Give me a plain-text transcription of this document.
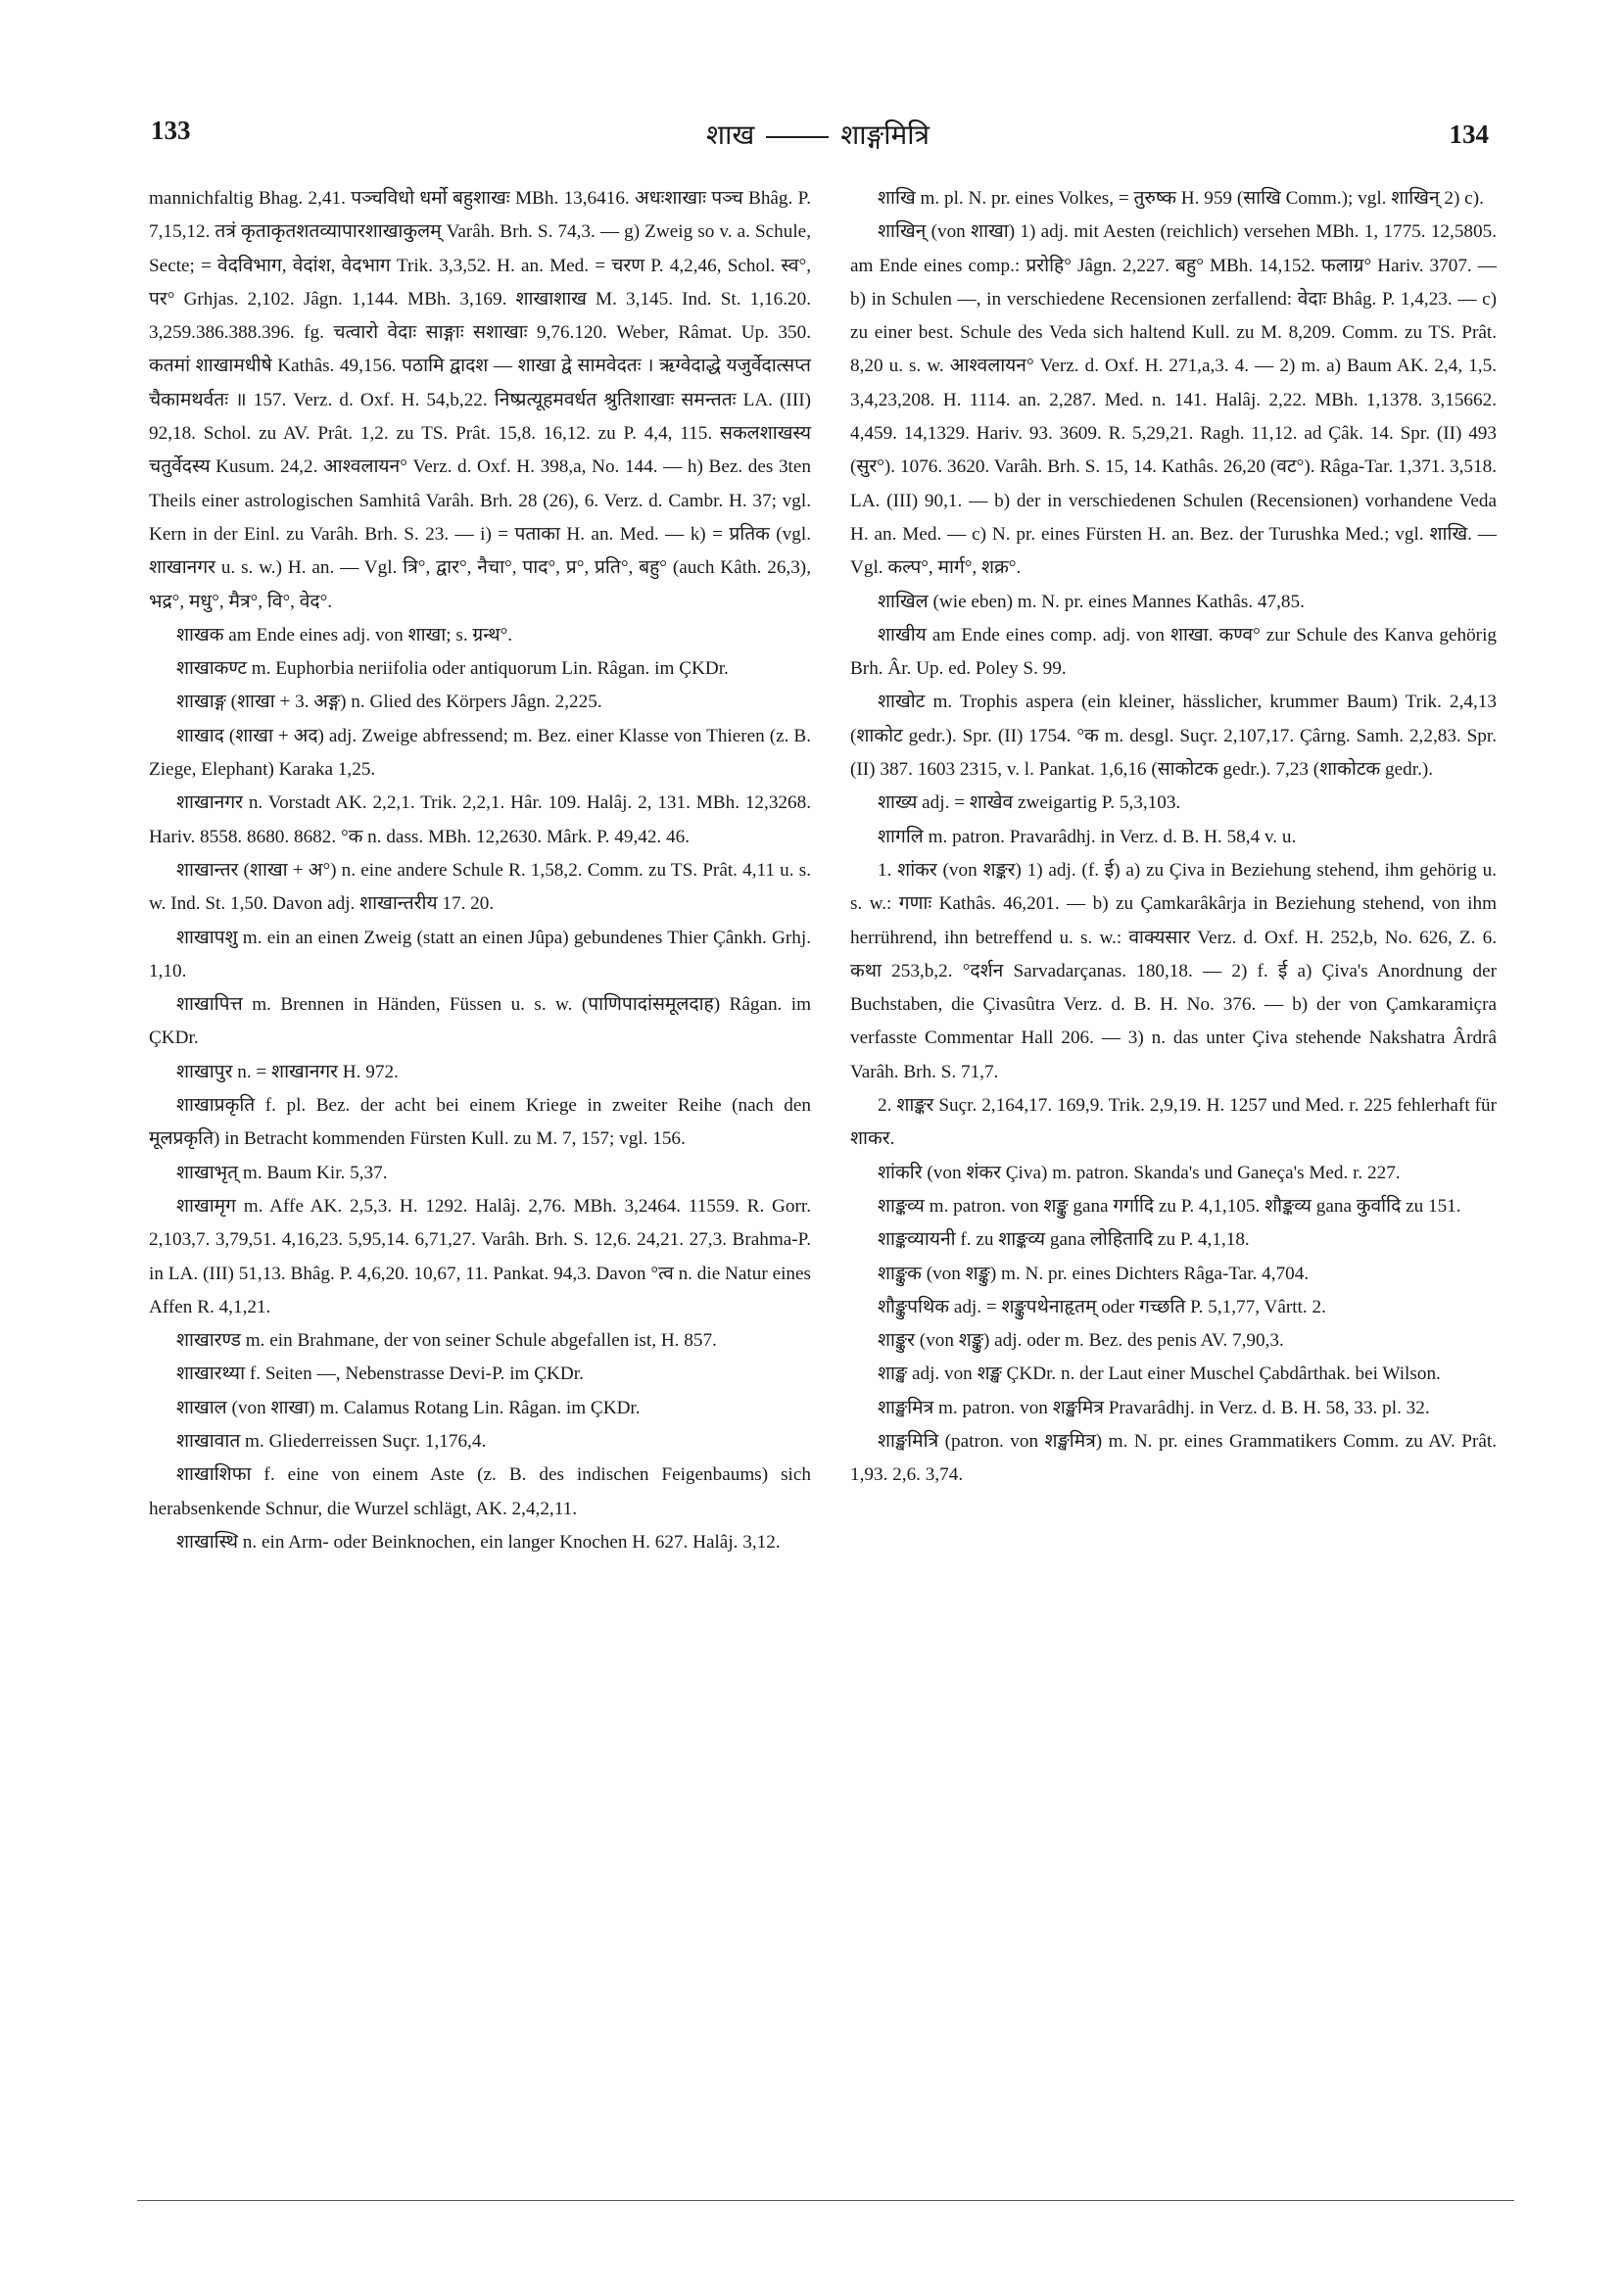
133	शाख	शाङ्गमित्रि	134

mannichfaltig Bhag. 2,41. पञ्चविधो धर्मो बहुशाखः MBh. 13,6416. अधःशाखाः पञ्च Bhâg. P. 7,15,12. तत्रं कृताकृतशतव्यापारशाखाकुलम् Varâh. Brh. S. 74,3. — g) Zweig so v. a. Schule, Secte; = वेदविभाग, वेदांश, वेदभाग Trik. 3,3,52. H. an. Med. = चरण P. 4,2,46, Schol. स्व°, पर° Grhjas. 2,102. Jâgn. 1,144. MBh. 3,169. शाखाशाख M. 3,145. Ind. St. 1,16.20. 3,259.386.388.396. fg. चत्वारो वेदाः साङ्गाः सशाखाः 9,76.120. Weber, Râmat. Up. 350. कतमां शाखामधीषे Kathâs. 49,156. पठामि द्वादश — शाखा द्वे सामवेदतः । ऋग्वेदाद्धे यजुर्वेदात्सप्त चैकामथर्वतः ॥ 157. Verz. d. Oxf. H. 54,b,22. निष्प्रत्यूहमवर्धत श्रुतिशाखाः समन्ततः LA. (III) 92,18. Schol. zu AV. Prât. 1,2. zu TS. Prât. 15,8. 16,12. zu P. 4,4, 115. सकलशाखस्य चतुर्वेदस्य Kusum. 24,2. आश्वलायन° Verz. d. Oxf. H. 398,a, No. 144. — h) Bez. des 3ten Theils einer astrologischen Samhitâ Varâh. Brh. 28 (26), 6. Verz. d. Cambr. H. 37; vgl. Kern in der Einl. zu Varâh. Brh. S. 23. — i) = पताका H. an. Med. — k) = प्रतिक (vgl. शाखानगर u. s. w.) H. an. — Vgl. त्रि°, द्वार°, नैचा°, पाद°, प्र°, प्रति°, बहु° (auch Kâth. 26,3), भद्र°, मधु°, मैत्र°, वि°, वेद°.

शाखक am Ende eines adj. von शाखा; s. ग्रन्थ°.

शाखाकण्ट m. Euphorbia neriifolia oder antiquorum Lin. Râgan. im ÇKDr.

शाखाङ्ग (शाखा + 3. अङ्ग) n. Glied des Körpers Jâgn. 2,225.

शाखाद (शाखा + अद) adj. Zweige abfressend; m. Bez. einer Klasse von Thieren (z. B. Ziege, Elephant) Karaka 1,25.

शाखानगर n. Vorstadt AK. 2,2,1. Trik. 2,2,1. Hâr. 109. Halâj. 2, 131. MBh. 12,3268. Hariv. 8558. 8680. 8682. °क n. dass. MBh. 12,2630. Mârk. P. 49,42. 46.

शाखान्तर (शाखा + अ°) n. eine andere Schule R. 1,58,2. Comm. zu TS. Prât. 4,11 u. s. w. Ind. St. 1,50. Davon adj. शाखान्तरीय 17. 20.

शाखापशु m. ein an einen Zweig (statt an einen Jûpa) gebundenes Thier Çânkh. Grhj. 1,10.

शाखापित्त m. Brennen in Händen, Füssen u. s. w. (पाणिपादांसमूलदाह) Râgan. im ÇKDr.

शाखापुर n. = शाखानगर H. 972.

शाखाप्रकृति f. pl. Bez. der acht bei einem Kriege in zweiter Reihe (nach den मूलप्रकृति) in Betracht kommenden Fürsten Kull. zu M. 7, 157; vgl. 156.

शाखाभृत् m. Baum Kir. 5,37.

शाखामृग m. Affe AK. 2,5,3. H. 1292. Halâj. 2,76. MBh. 3,2464. 11559. R. Gorr. 2,103,7. 3,79,51. 4,16,23. 5,95,14. 6,71,27. Varâh. Brh. S. 12,6. 24,21. 27,3. Brahma-P. in LA. (III) 51,13. Bhâg. P. 4,6,20. 10,67, 11. Pankat. 94,3. Davon °त्व n. die Natur eines Affen R. 4,1,21.

शाखारण्ड m. ein Brahmane, der von seiner Schule abgefallen ist, H. 857.

शाखारथ्या f. Seiten —, Nebenstrasse Devi-P. im ÇKDr.

शाखाल (von शाखा) m. Calamus Rotang Lin. Râgan. im ÇKDr.

शाखावात m. Gliederreissen Suçr. 1,176,4.

शाखाशिफा f. eine von einem Aste (z. B. des indischen Feigenbaums) sich herabsenkende Schnur, die Wurzel schlägt, AK. 2,4,2,11.

शाखास्थि n. ein Arm- oder Beinknochen, ein langer Knochen H. 627. Halâj. 3,12.

शाखि m. pl. N. pr. eines Volkes, = तुरुष्क H. 959 (साखि Comm.); vgl. शाखिन् 2) c).

शाखिन् (von शाखा) 1) adj. mit Aesten (reichlich) versehen MBh. 1, 1775. 12,5805. am Ende eines comp.: प्ररोहि° Jâgn. 2,227. बहु° MBh. 14,152. फलाग्र° Hariv. 3707. — b) in Schulen —, in verschiedene Recensionen zerfallend: वेदाः Bhâg. P. 1,4,23. — c) zu einer best. Schule des Veda sich haltend Kull. zu M. 8,209. Comm. zu TS. Prât. 8,20 u. s. w. आश्वलायन° Verz. d. Oxf. H. 271,a,3. 4. — 2) m. a) Baum AK. 2,4, 1,5. 3,4,23,208. H. 1114. an. 2,287. Med. n. 141. Halâj. 2,22. MBh. 1,1378. 3,15662. 4,459. 14,1329. Hariv. 93. 3609. R. 5,29,21. Ragh. 11,12. ad Çâk. 14. Spr. (II) 493 (सुर°). 1076. 3620. Varâh. Brh. S. 15, 14. Kathâs. 26,20 (वट°). Râga-Tar. 1,371. 3,518. LA. (III) 90,1. — b) der in verschiedenen Schulen (Recensionen) vorhandene Veda H. an. Med. — c) N. pr. eines Fürsten H. an. Bez. der Turushka Med.; vgl. शाखि. — Vgl. कल्प°, मार्ग°, शक्र°.

शाखिल (wie eben) m. N. pr. eines Mannes Kathâs. 47,85.

शाखीय am Ende eines comp. adj. von शाखा. कण्व° zur Schule des Kanva gehörig Brh. Âr. Up. ed. Poley S. 99.

शाखोट m. Trophis aspera (ein kleiner, hässlicher, krummer Baum) Trik. 2,4,13 (शाकोट gedr.). Spr. (II) 1754. °क m. desgl. Suçr. 2,107,17. Çârng. Samh. 2,2,83. Spr. (II) 387. 1603 2315, v. l. Pankat. 1,6,16 (साकोटक gedr.). 7,23 (शाकोटक gedr.).

शाख्य adj. = शाखेव zweigartig P. 5,3,103.

शागलि m. patron. Pravarâdhj. in Verz. d. B. H. 58,4 v. u.

1. शांकर (von शङ्कर) 1) adj. (f. ई) a) zu Çiva in Beziehung stehend, ihm gehörig u. s. w.: गणाः Kathâs. 46,201. — b) zu Çamkarâkârja in Beziehung stehend, von ihm herrührend, ihn betreffend u. s. w.: वाक्यसार Verz. d. Oxf. H. 252,b, No. 626, Z. 6. कथा 253,b,2. °दर्शन Sarvadarçanas. 180,18. — 2) f. ई a) Çiva's Anordnung der Buchstaben, die Çivasûtra Verz. d. B. H. No. 376. — b) der von Çamkaramiçra verfasste Commentar Hall 206. — 3) n. das unter Çiva stehende Nakshatra Ârdrâ Varâh. Brh. S. 71,7.

2. शाङ्कर Suçr. 2,164,17. 169,9. Trik. 2,9,19. H. 1257 und Med. r. 225 fehlerhaft für शाकर.

शांकरि (von शंकर Çiva) m. patron. Skanda's und Ganeça's Med. r. 227.

शाङ्कव्य m. patron. von शङ्कु gana गर्गादि zu P. 4,1,105. शौङ्कव्य gana कुर्वादि zu 151.

शाङ्कव्यायनी f. zu शाङ्कव्य gana लोहितादि zu P. 4,1,18.

शाङ्कुक (von शङ्कु) m. N. pr. eines Dichters Râga-Tar. 4,704.

शौङ्कुपथिक adj. = शङ्कुपथेनाहृतम् oder गच्छति P. 5,1,77, Vârtt. 2.

शाङ्कुर (von शङ्कु) adj. oder m. Bez. des penis AV. 7,90,3.

शाङ्ख adj. von शङ्ख ÇKDr. n. der Laut einer Muschel Çabdârthak. bei Wilson.

शाङ्खमित्र m. patron. von शङ्खमित्र Pravarâdhj. in Verz. d. B. H. 58, 33. pl. 32.

शाङ्खमित्रि (patron. von शङ्खमित्र) m. N. pr. eines Grammatikers Comm. zu AV. Prât. 1,93. 2,6. 3,74.
